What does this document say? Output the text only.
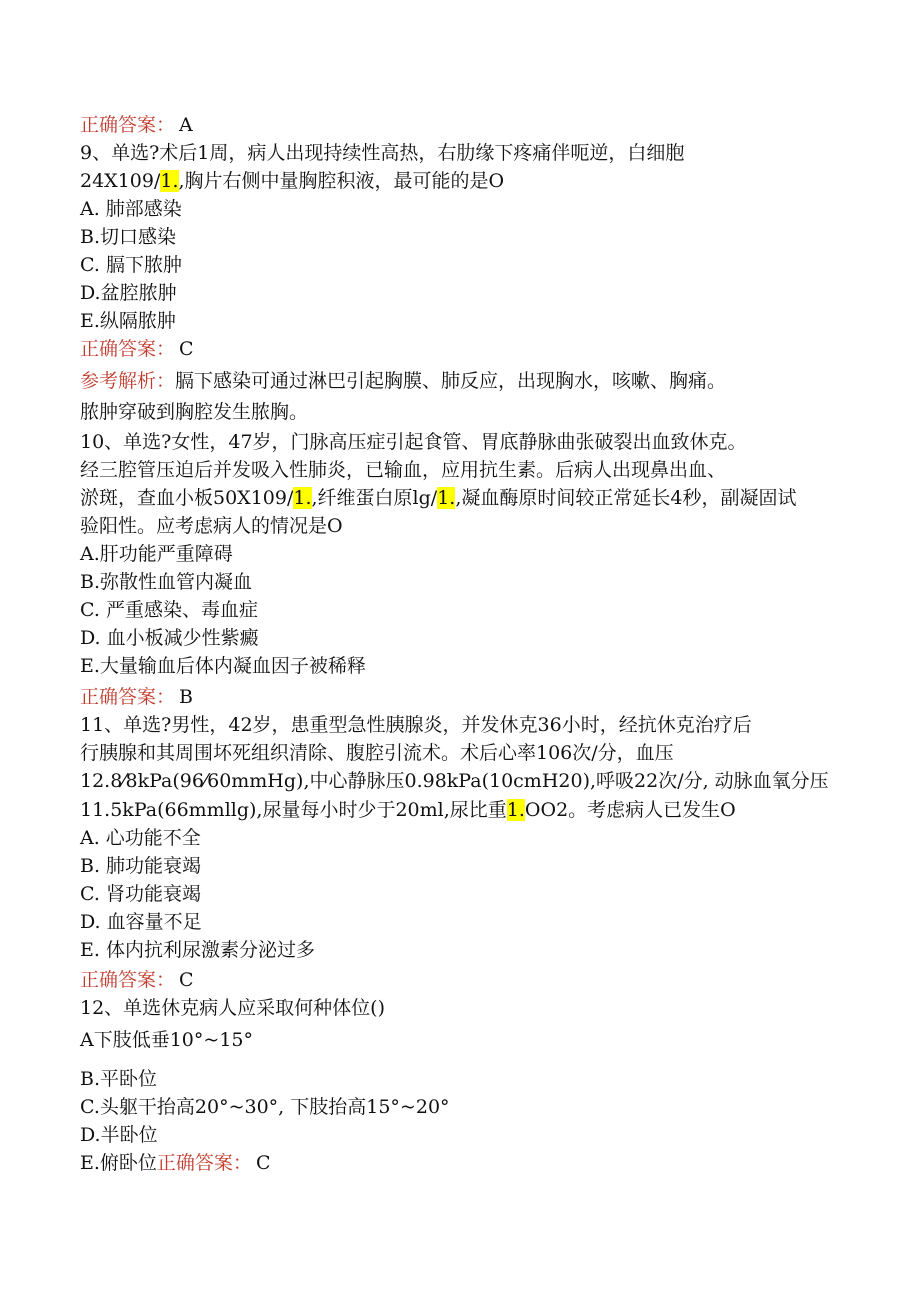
正确答案： A
9、单选?术后1周，病人出现持续性高热，右肋缘下疼痛伴呃逆，白细胞
24X109/1.,胸片右侧中量胸腔积液，最可能的是O
A. 肺部感染
B.切口感染
C. 膈下脓肿
D.盆腔脓肿
E.纵隔脓肿
正确答案： C
参考解析：膈下感染可通过淋巴引起胸膜、肺反应，出现胸水，咳嗽、胸痛。
脓肿穿破到胸腔发生脓胸。
10、单选?女性，47岁，门脉高压症引起食管、胃底静脉曲张破裂出血致休克。
经三腔管压迫后并发吸入性肺炎，已输血，应用抗生素。后病人出现鼻出血、
淤斑，查血小板50X109/1.,纤维蛋白原lg/1.,凝血酶原时间较正常延长4秒，副凝固试
验阳性。应考虑病人的情况是O
A.肝功能严重障碍
B.弥散性血管内凝血
C. 严重感染、毒血症
D. 血小板减少性紫癜
E.大量输血后体内凝血因子被稀释
正确答案： B
11、单选?男性，42岁，患重型急性胰腺炎，并发休克36小时，经抗休克治疗后
行胰腺和其周围坏死组织清除、腹腔引流术。术后心率106次/分，血压
12.8⁄8kPa(96⁄60mmHg),中心静脉压0.98kPa(10cmH20),呼吸22次/分, 动脉血氧分压
11.5kPa(66mmllg),尿量每小时少于20ml,尿比重1.OO2。考虑病人已发生O
A. 心功能不全
B. 肺功能衰竭
C. 肾功能衰竭
D. 血容量不足
E. 体内抗利尿激素分泌过多
正确答案： C
12、单选休克病人应采取何种体位()
A下肢低垂10°~15°
B.平卧位
C.头躯干抬高20°~30°, 下肢抬高15°~20°
D.半卧位
E.俯卧位正确答案： C
